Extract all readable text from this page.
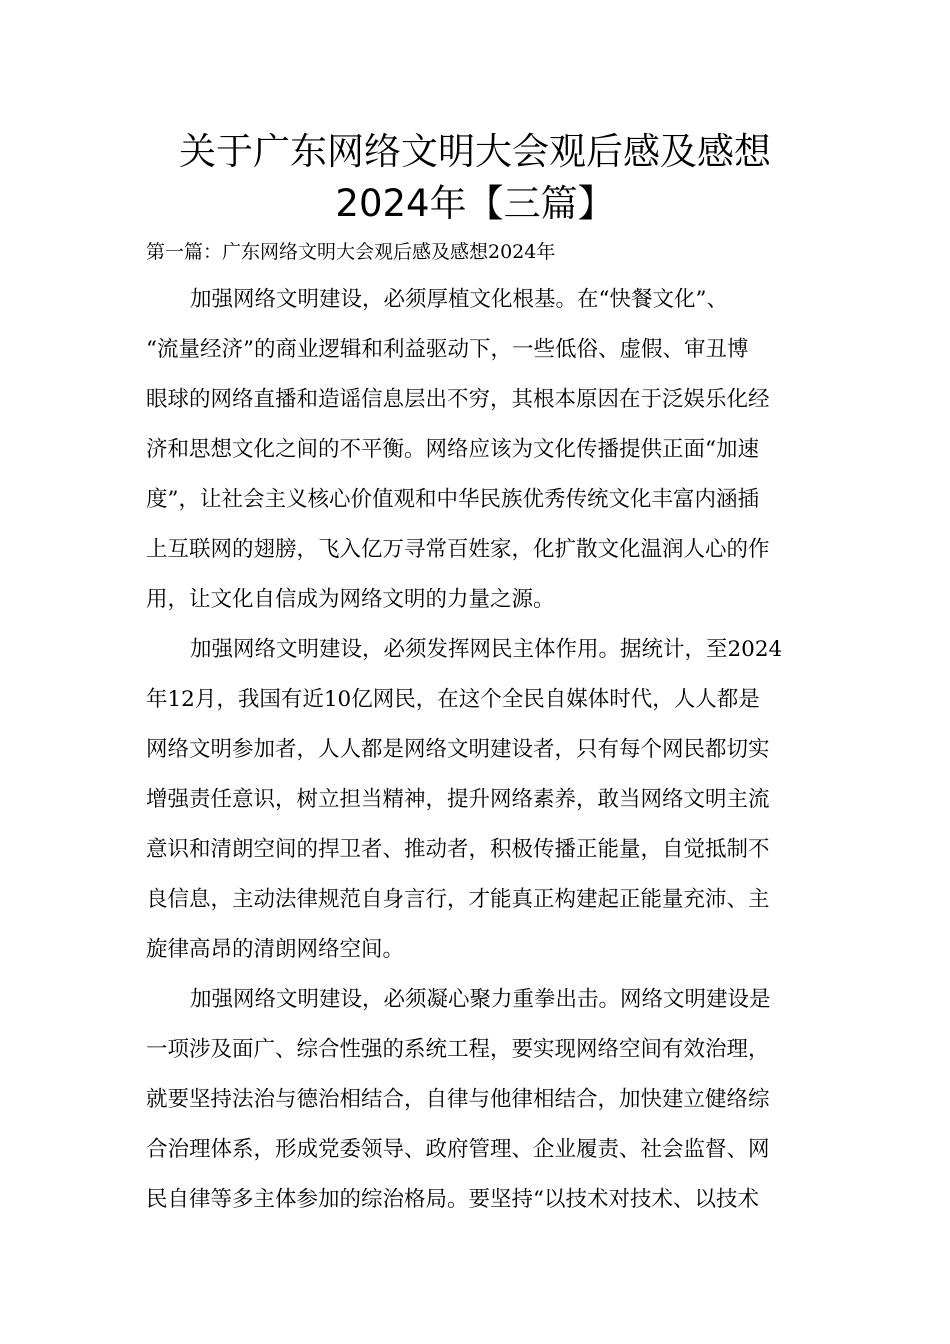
关于广东网络文明大会观后感及感想
2024年【三篇】

第一篇：广东网络文明大会观后感及感想2024年

加强网络文明建设，必须厚植文化根基。在“快餐文化”、
“流量经济”的商业逻辑和利益驱动下，一些低俗、虚假、审丑博
眼球的网络直播和造谣信息层出不穷，其根本原因在于泛娱乐化经
济和思想文化之间的不平衡。网络应该为文化传播提供正面“加速
度”，让社会主义核心价值观和中华民族优秀传统文化丰富内涵插
上互联网的翅膀，飞入亿万寻常百姓家，化扩散文化温润人心的作
用，让文化自信成为网络文明的力量之源。
加强网络文明建设，必须发挥网民主体作用。据统计，至2024
年12月，我国有近10亿网民，在这个全民自媒体时代，人人都是
网络文明参加者，人人都是网络文明建设者，只有每个网民都切实
增强责任意识，树立担当精神，提升网络素养，敢当网络文明主流
意识和清朗空间的捍卫者、推动者，积极传播正能量，自觉抵制不
良信息，主动法律规范自身言行，才能真正构建起正能量充沛、主
旋律高昂的清朗网络空间。
加强网络文明建设，必须凝心聚力重拳出击。网络文明建设是
一项涉及面广、综合性强的系统工程，要实现网络空间有效治理，
就要坚持法治与德治相结合，自律与他律相结合，加快建立健络综
合治理体系，形成党委领导、政府管理、企业履责、社会监督、网
民自律等多主体参加的综治格局。要坚持“以技术对技术、以技术
